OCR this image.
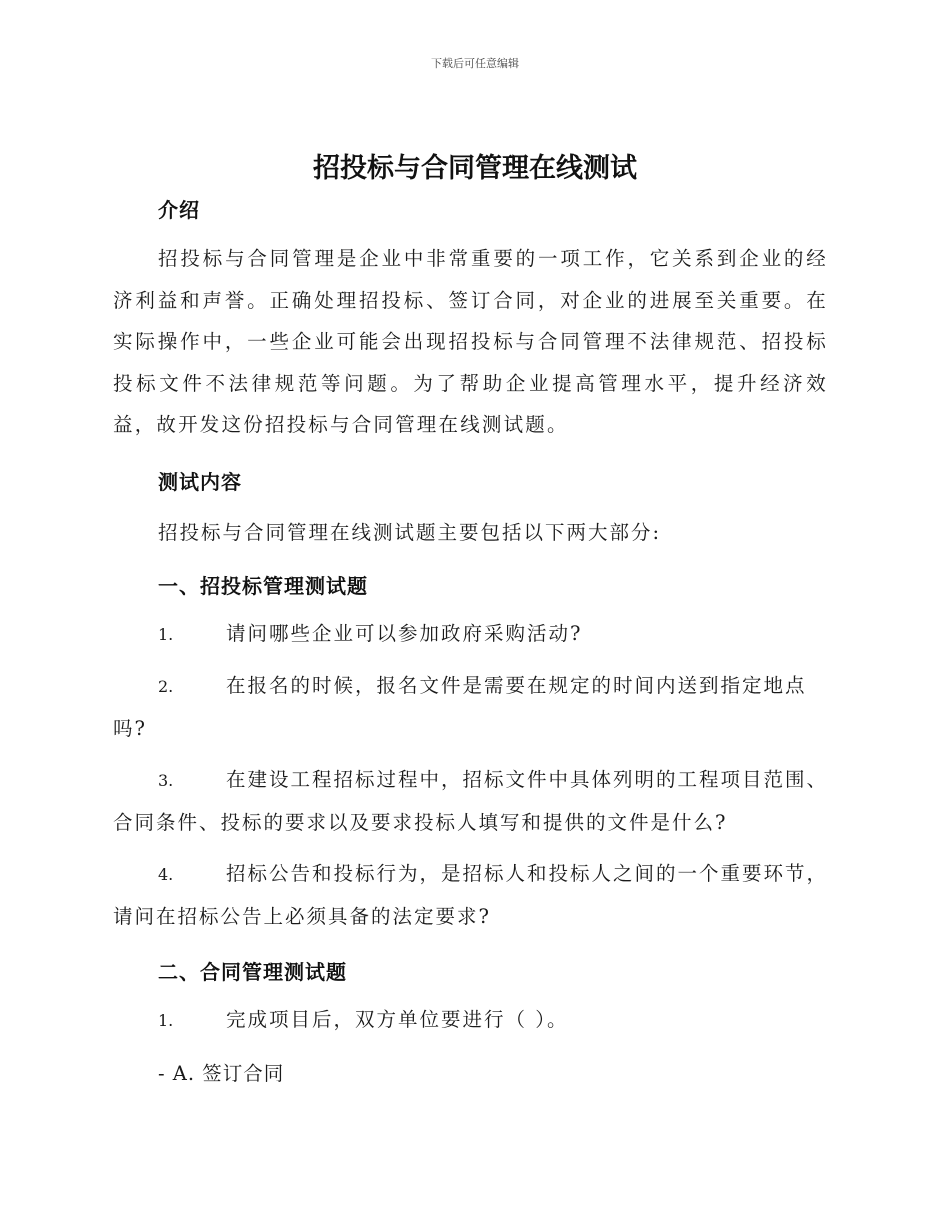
下载后可任意编辑
招投标与合同管理在线测试
介绍

招投标与合同管理是企业中非常重要的一项工作，它关系到企业的经济利益和声誉。正确处理招投标、签订合同，对企业的进展至关重要。在实际操作中，一些企业可能会出现招投标与合同管理不法律规范、招投标投标文件不法律规范等问题。为了帮助企业提高管理水平，提升经济效益，故开发这份招投标与合同管理在线测试题。

测试内容
招投标与合同管理在线测试题主要包括以下两大部分:
一、招投标管理测试题

1.	请问哪些企业可以参加政府采购活动?

2.	在报名的时候，报名文件是需要在规定的时间内送到指定地点吗?

3.	在建设工程招标过程中，招标文件中具体列明的工程项目范围、合同条件、投标的要求以及要求投标人填写和提供的文件是什么?

4.	招标公告和投标行为，是招标人和投标人之间的一个重要环节，请问在招标公告上必须具备的法定要求?

二、合同管理测试题

1.	完成项目后，双方单位要进行（ ）。

- A. 签订合同
